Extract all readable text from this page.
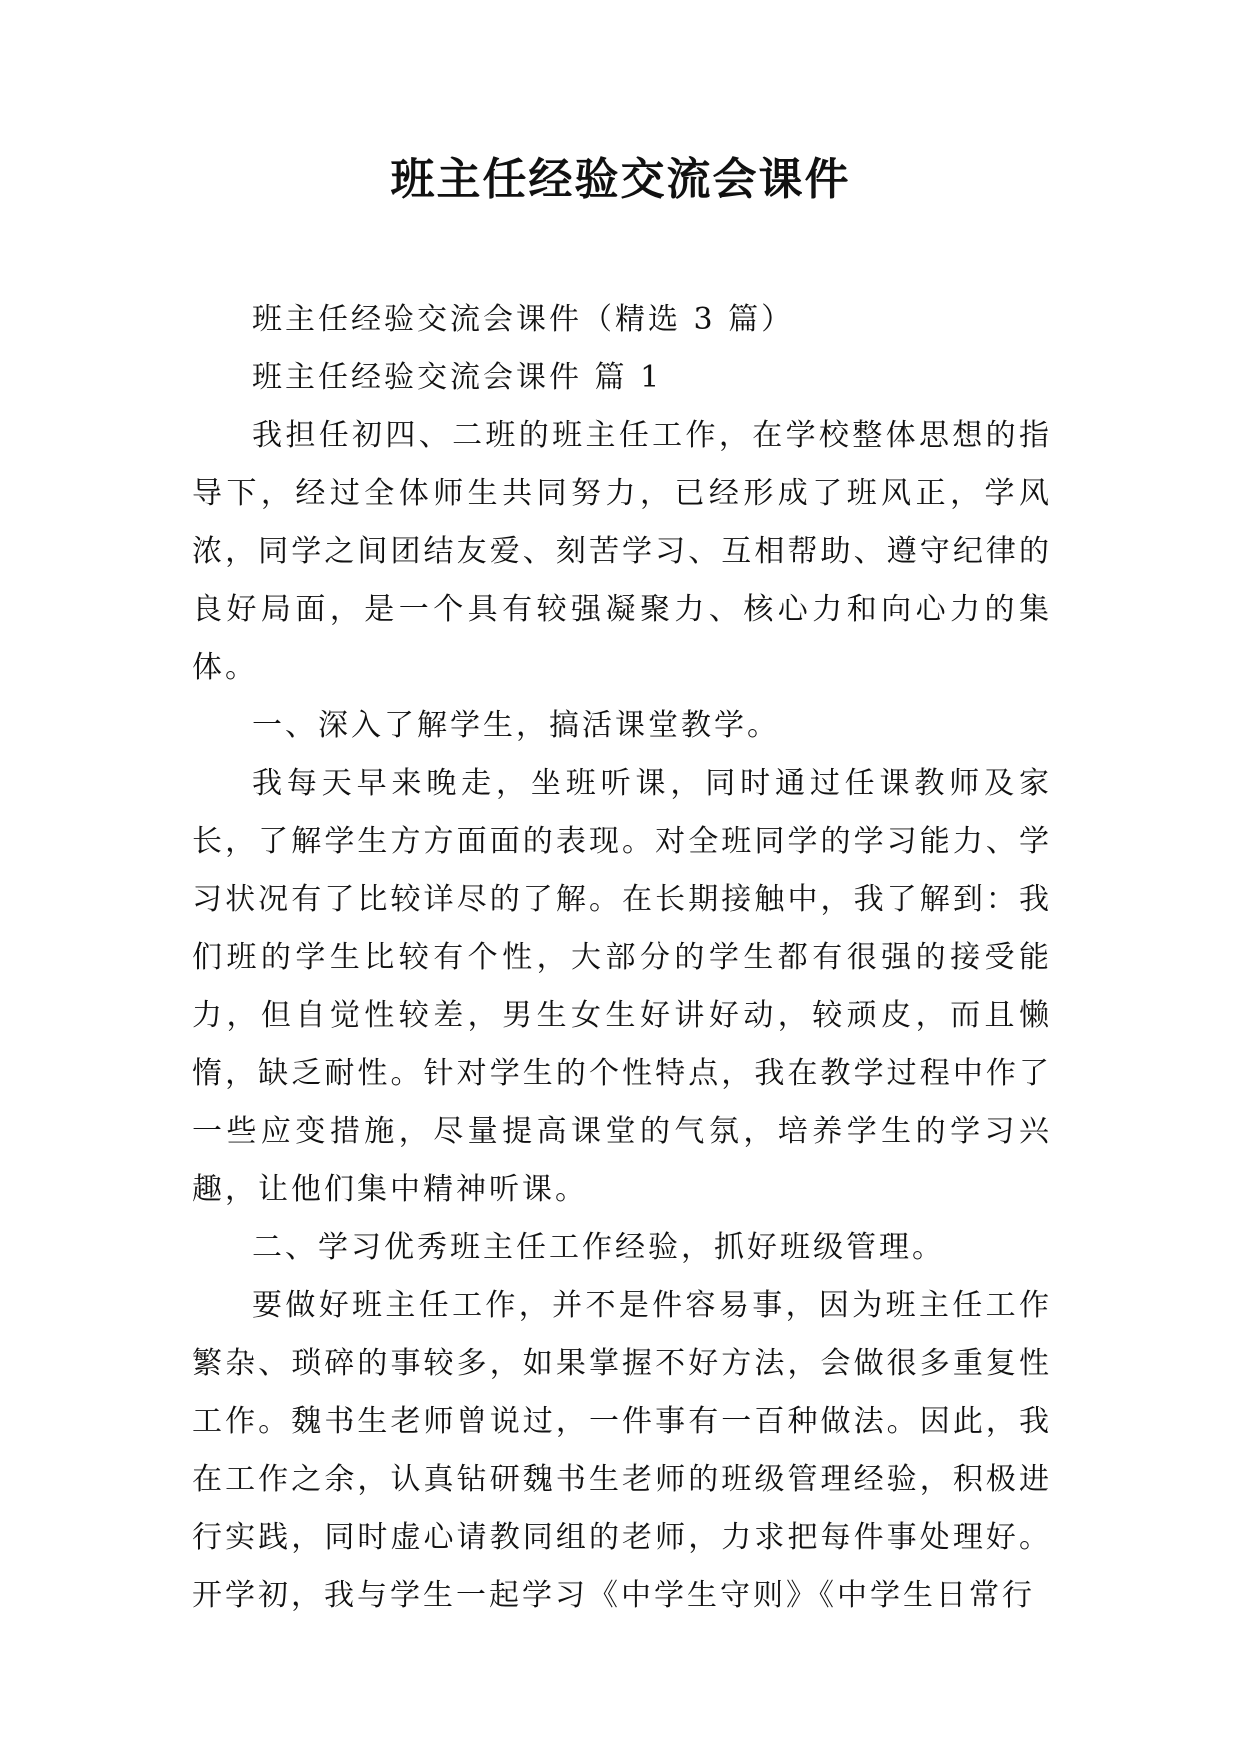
班主任经验交流会课件

班主任经验交流会课件（精选 3 篇）

班主任经验交流会课件 篇 1

我担任初四、二班的班主任工作，在学校整体思想的指导下，经过全体师生共同努力，已经形成了班风正，学风浓，同学之间团结友爱、刻苦学习、互相帮助、遵守纪律的良好局面，是一个具有较强凝聚力、核心力和向心力的集体。

一、深入了解学生，搞活课堂教学。

我每天早来晚走，坐班听课，同时通过任课教师及家长，了解学生方方面面的表现。对全班同学的学习能力、学习状况有了比较详尽的了解。在长期接触中，我了解到：我们班的学生比较有个性，大部分的学生都有很强的接受能力，但自觉性较差，男生女生好讲好动，较顽皮，而且懒惰，缺乏耐性。针对学生的个性特点，我在教学过程中作了一些应变措施，尽量提高课堂的气氛，培养学生的学习兴趣，让他们集中精神听课。

二、学习优秀班主任工作经验，抓好班级管理。

要做好班主任工作，并不是件容易事，因为班主任工作繁杂、琐碎的事较多，如果掌握不好方法，会做很多重复性工作。魏书生老师曾说过，一件事有一百种做法。因此，我在工作之余，认真钻研魏书生老师的班级管理经验，积极进行实践，同时虚心请教同组的老师，力求把每件事处理好。开学初，我与学生一起学习《中学生守则》《中学生日常行
